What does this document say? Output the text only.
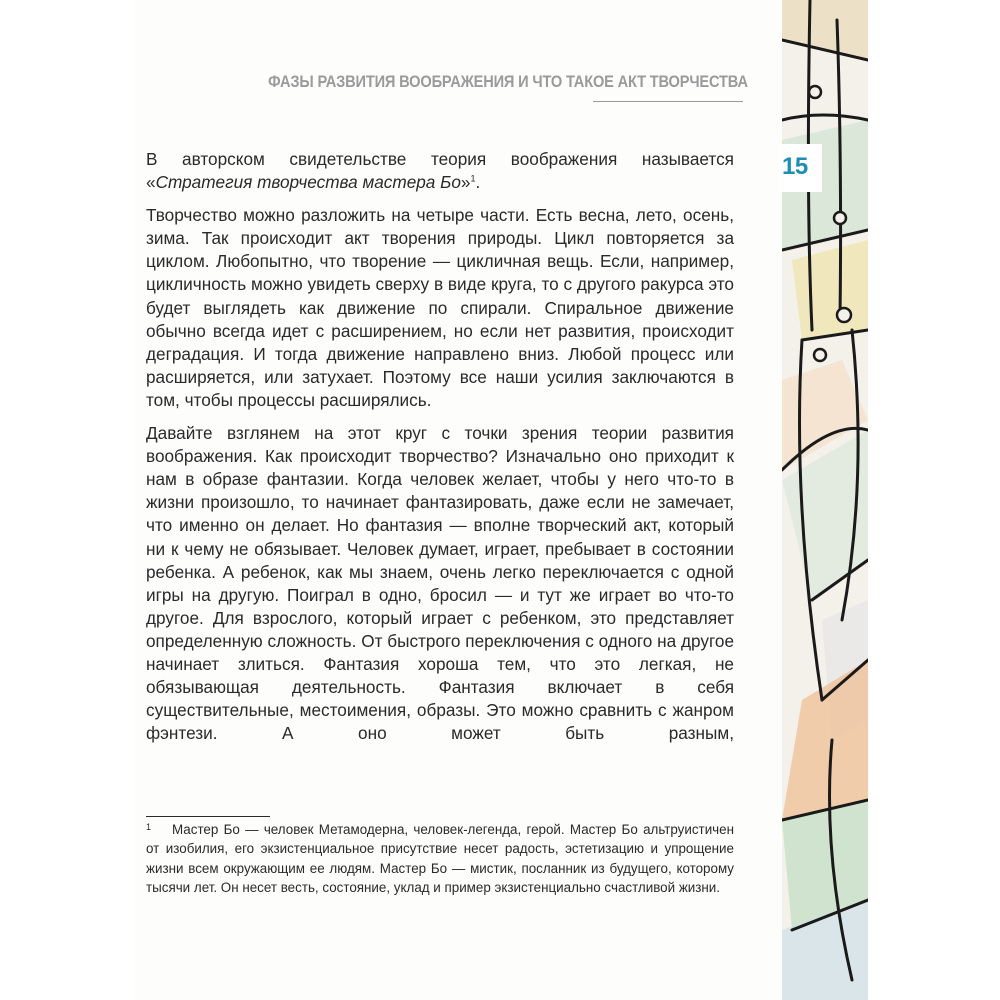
ФАЗЫ РАЗВИТИЯ ВООБРАЖЕНИЯ И ЧТО ТАКОЕ АКТ ТВОРЧЕСТВА
15

В авторском свидетельстве теория воображения называется «Стратегия творчества мастера Бо»$^1$.

Творчество можно разложить на четыре части. Есть весна, лето, осень, зима. Так происходит акт творения природы. Цикл повторяется за циклом. Любопытно, что творение — цикличная вещь. Если, например, цикличность можно увидеть сверху в виде круга, то с другого ракурса это будет выглядеть как движение по спирали. Спиральное движение обычно всегда идет с расширением, но если нет развития, происходит деградация. И тогда движение направлено вниз. Любой процесс или расширяется, или затухает. Поэтому все наши усилия заключаются в том, чтобы процессы расширялись.

Давайте взглянем на этот круг с точки зрения теории развития воображения. Как происходит творчество? Изначально оно приходит к нам в образе фантазии. Когда человек желает, чтобы у него что-то в жизни произошло, то начинает фантазировать, даже если не замечает, что именно он делает. Но фантазия — вполне творческий акт, который ни к чему не обязывает. Человек думает, играет, пребывает в состоянии ребенка. А ребенок, как мы знаем, очень легко переключается с одной игры на другую. Поиграл в одно, бросил — и тут же играет во что-то другое. Для взрослого, который играет с ребенком, это представляет определенную сложность. От быстрого переключения с одного на другое начинает злиться. Фантазия хороша тем, что это легкая, не обязывающая деятельность. Фантазия включает в себя существительные, местоимения, образы. Это можно сравнить с жанром фэнтези. А оно может быть разным,

1 Мастер Бо — человек Метамодерна, человек-легенда, герой. Мастер Бо альтруистичен от изобилия, его экзистенциальное присутствие несет радость, эстетизацию и упрощение жизни всем окружающим ее людям. Мастер Бо — мистик, посланник из будущего, которому тысячи лет. Он несет весть, состояние, уклад и пример экзистенциально счастливой жизни.
